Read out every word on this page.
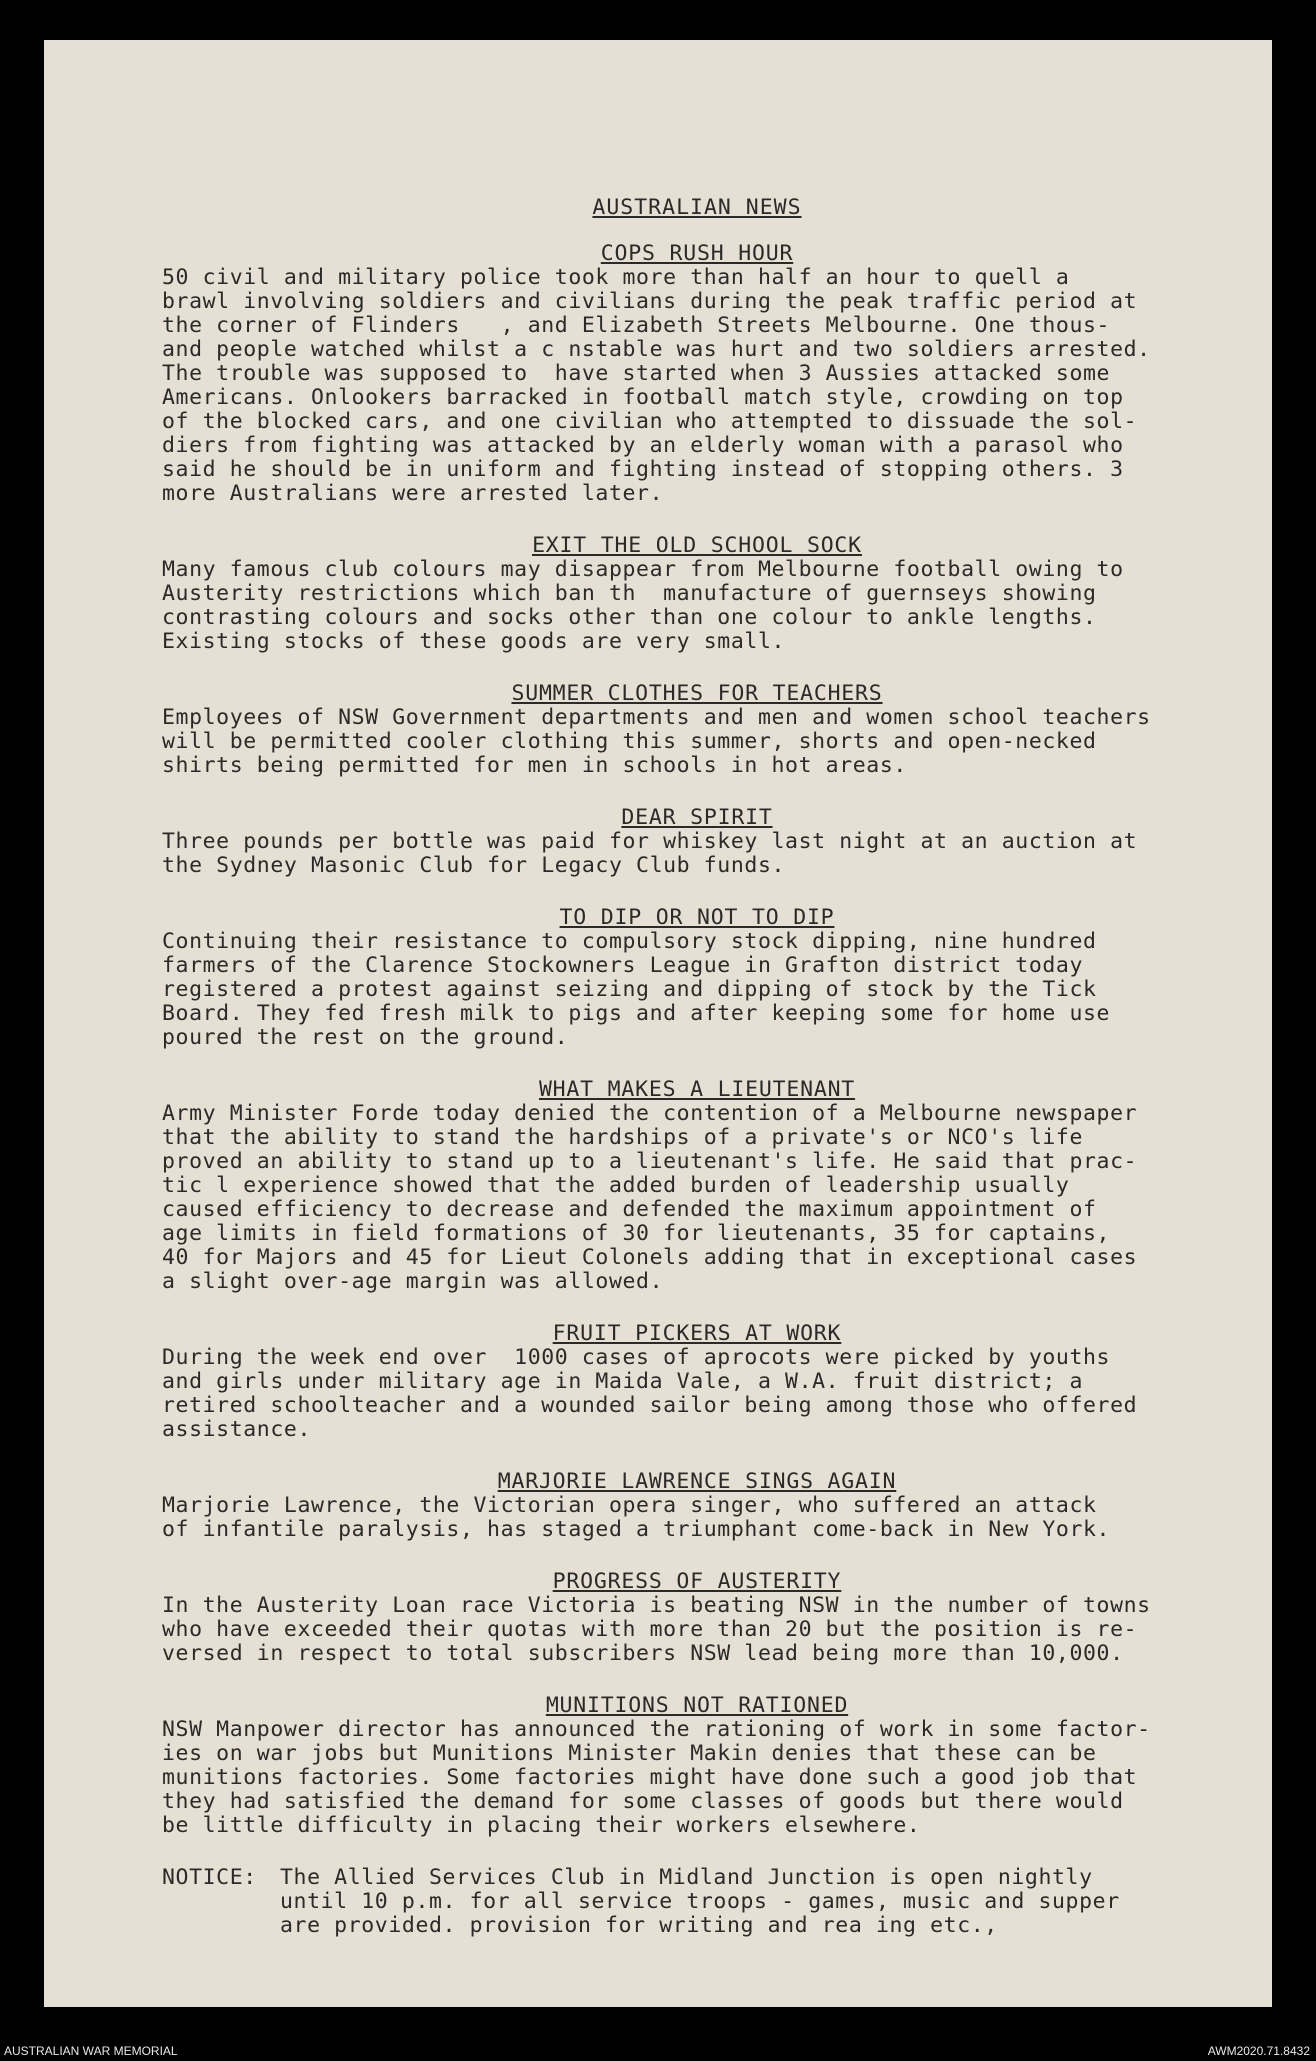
AUSTRALIAN NEWS
COPS RUSH HOUR
50 civil and military police took more than half an hour to quell a
brawl involving soldiers and civilians during the peak traffic period at
the corner of Flinders   , and Elizabeth Streets Melbourne. One thous-
and people watched whilst a c nstable was hurt and two soldiers arrested.
The trouble was supposed to  have started when 3 Aussies attacked some
Americans. Onlookers barracked in football match style, crowding on top
of the blocked cars, and one civilian who attempted to dissuade the sol-
diers from fighting was attacked by an elderly woman with a parasol who
said he should be in uniform and fighting instead of stopping others. 3
more Australians were arrested later.
EXIT THE OLD SCHOOL SOCK
Many famous club colours may disappear from Melbourne football owing to
Austerity restrictions which ban th  manufacture of guernseys showing
contrasting colours and socks other than one colour to ankle lengths.
Existing stocks of these goods are very small.
SUMMER CLOTHES FOR TEACHERS
Employees of NSW Government departments and men and women school teachers
will be permitted cooler clothing this summer, shorts and open-necked
shirts being permitted for men in schools in hot areas.
DEAR SPIRIT
Three pounds per bottle was paid for whiskey last night at an auction at
the Sydney Masonic Club for Legacy Club funds.
TO DIP OR NOT TO DIP
Continuing their resistance to compulsory stock dipping, nine hundred
farmers of the Clarence Stockowners League in Grafton district today
registered a protest against seizing and dipping of stock by the Tick
Board. They fed fresh milk to pigs and after keeping some for home use
poured the rest on the ground.
WHAT MAKES A LIEUTENANT
Army Minister Forde today denied the contention of a Melbourne newspaper
that the ability to stand the hardships of a private's or NCO's life
proved an ability to stand up to a lieutenant's life. He said that prac-
tic l experience showed that the added burden of leadership usually
caused efficiency to decrease and defended the maximum appointment of
age limits in field formations of 30 for lieutenants, 35 for captains,
40 for Majors and 45 for Lieut Colonels adding that in exceptional cases
a slight over-age margin was allowed.
FRUIT PICKERS AT WORK
During the week end over  1000 cases of aprocots were picked by youths
and girls under military age in Maida Vale, a W.A. fruit district; a
retired schoolteacher and a wounded sailor being among those who offered
assistance.
MARJORIE LAWRENCE SINGS AGAIN
Marjorie Lawrence, the Victorian opera singer, who suffered an attack
of infantile paralysis, has staged a triumphant come-back in New York.
PROGRESS OF AUSTERITY
In the Austerity Loan race Victoria is beating NSW in the number of towns
who have exceeded their quotas with more than 20 but the position is re-
versed in respect to total subscribers NSW lead being more than 10,000.
MUNITIONS NOT RATIONED
NSW Manpower director has announced the rationing of work in some factor-
ies on war jobs but Munitions Minister Makin denies that these can be
munitions factories. Some factories might have done such a good job that
they had satisfied the demand for some classes of goods but there would
be little difficulty in placing their workers elsewhere.
NOTICE:	The Allied Services Club in Midland Junction is open nightly
until 10 p.m. for all service troops - games, music and supper
are provided. provision for writing and rea ing etc.,
AUSTRALIAN WAR MEMORIAL	AWM2020.71.8432
